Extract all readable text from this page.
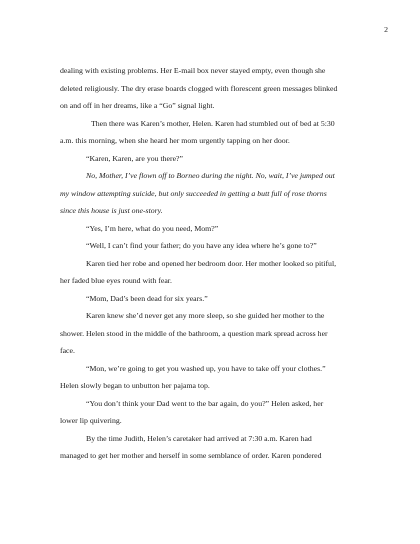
2
dealing with existing problems. Her E-mail box never stayed empty, even though she
deleted religiously. The dry erase boards clogged with florescent green messages blinked
on and off in her dreams, like a “Go” signal light.
Then there was Karen’s mother, Helen. Karen had stumbled out of bed at 5:30
a.m. this morning, when she heard her mom urgently tapping on her door.
“Karen, Karen, are you there?”
No, Mother, I’ve flown off to Borneo during the night. No, wait, I’ve jumped out
my window attempting suicide, but only succeeded in getting a butt full of rose thorns
since this house is just one-story.
“Yes, I’m here, what do you need, Mom?”
“Well, I can’t find your father; do you have any idea where he’s gone to?”
Karen tied her robe and opened her bedroom door. Her mother looked so pitiful,
her faded blue eyes round with fear.
“Mom, Dad’s been dead for six years.”
Karen knew she’d never get any more sleep, so she guided her mother to the
shower. Helen stood in the middle of the bathroom, a question mark spread across her
face.
“Mon, we’re going to get you washed up, you have to take off your clothes.”
Helen slowly began to unbutton her pajama top.
“You don’t think your Dad went to the bar again, do you?” Helen asked, her
lower lip quivering.
By the time Judith, Helen’s caretaker had arrived at 7:30 a.m. Karen had
managed to get her mother and herself in some semblance of order. Karen pondered
